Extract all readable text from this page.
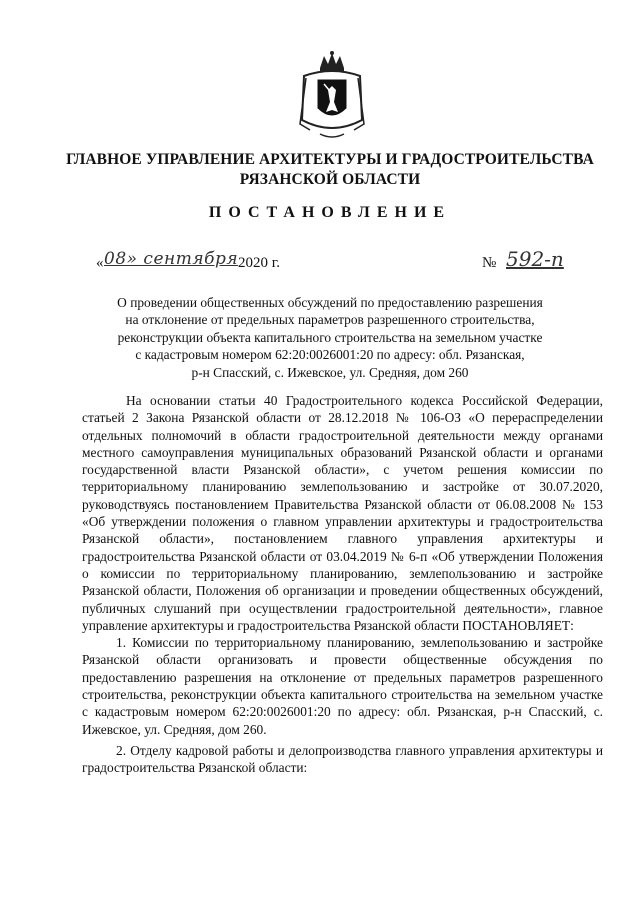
ГЛАВНОЕ УПРАВЛЕНИЕ АРХИТЕКТУРЫ И ГРАДОСТРОИТЕЛЬСТВА
РЯЗАНСКОЙ ОБЛАСТИ
ПОСТАНОВЛЕНИЕ
« 08» сентября 2020 г.	№ 592-п
О проведении общественных обсуждений по предоставлению разрешения
на отклонение от предельных параметров разрешенного строительства,
реконструкции объекта капитального строительства на земельном участке
с кадастровым номером 62:20:0026001:20 по адресу: обл. Рязанская,
р-н Спасский, с. Ижевское, ул. Средняя, дом 260

На основании статьи 40 Градостроительного кодекса Российской Федерации, статьей 2 Закона Рязанской области от 28.12.2018 № 106-ОЗ «О перераспределении отдельных полномочий в области градостроительной деятельности между органами местного самоуправления муниципальных образований Рязанской области и органами государственной власти Рязанской области», с учетом решения комиссии по территориальному планированию землепользованию и застройке от 30.07.2020, руководствуясь постановлением Правительства Рязанской области от 06.08.2008 № 153 «Об утверждении положения о главном управлении архитектуры и градостроительства Рязанской области», постановлением главного управления архитектуры и градостроительства Рязанской области от 03.04.2019 № 6-п «Об утверждении Положения о комиссии по территориальному планированию, землепользованию и застройке Рязанской области, Положения об организации и проведении общественных обсуждений, публичных слушаний при осуществлении градостроительной деятельности», главное управление архитектуры и градостроительства Рязанской области ПОСТАНОВЛЯЕТ:

1. Комиссии по территориальному планированию, землепользованию и застройке Рязанской области организовать и провести общественные обсуждения по предоставлению разрешения на отклонение от предельных параметров разрешенного строительства, реконструкции объекта капитального строительства на земельном участке с кадастровым номером 62:20:0026001:20 по адресу: обл. Рязанская, р-н Спасский, с. Ижевское, ул. Средняя, дом 260.

2. Отделу кадровой работы и делопроизводства главного управления архитектуры и градостроительства Рязанской области:
